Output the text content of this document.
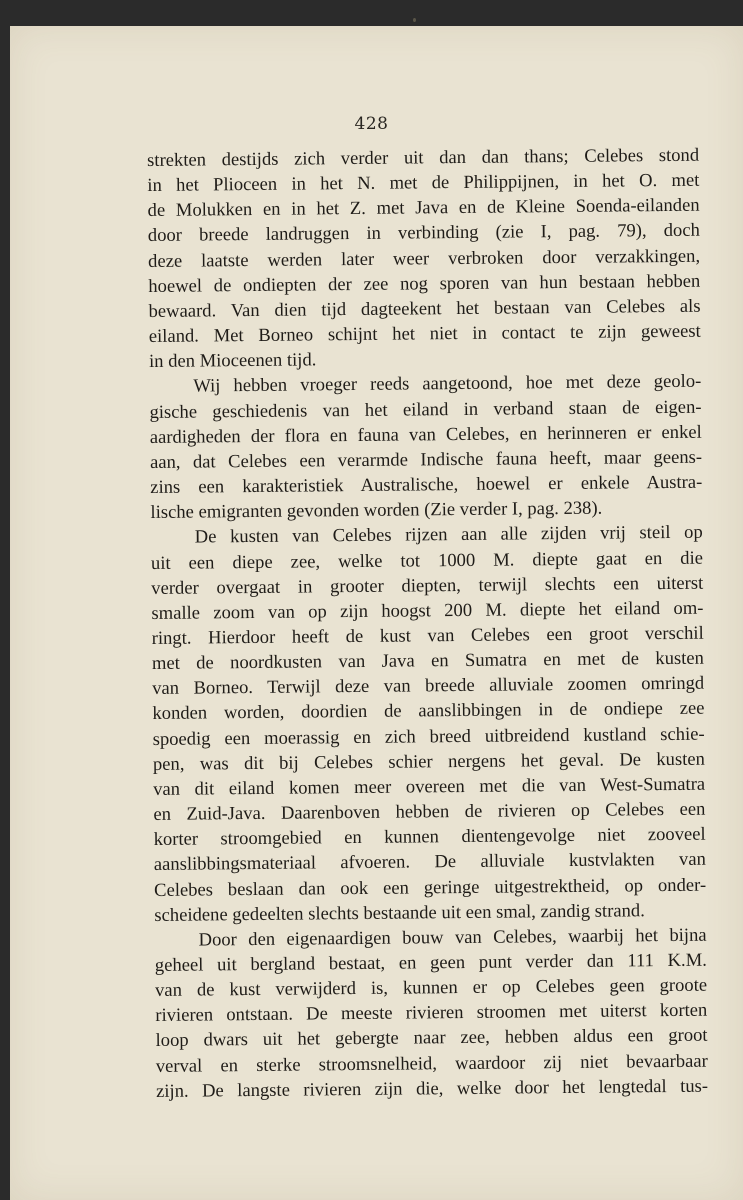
428

strekten destijds zich verder uit dan dan thans; Celebes stond

in het Plioceen in het N. met de Philippijnen, in het O. met

de Molukken en in het Z. met Java en de Kleine Soenda-eilanden

door breede landruggen in verbinding (zie I, pag. 79), doch

deze laatste werden later weer verbroken door verzakkingen,

hoewel de ondiepten der zee nog sporen van hun bestaan hebben

bewaard. Van dien tijd dagteekent het bestaan van Celebes als

eiland. Met Borneo schijnt het niet in contact te zijn geweest

in den Mioceenen tijd.

Wij hebben vroeger reeds aangetoond, hoe met deze geolo-

gische geschiedenis van het eiland in verband staan de eigen-

aardigheden der flora en fauna van Celebes, en herinneren er enkel

aan, dat Celebes een verarmde Indische fauna heeft, maar geens-

zins een karakteristiek Australische, hoewel er enkele Austra-

lische emigranten gevonden worden (Zie verder I, pag. 238).

De kusten van Celebes rijzen aan alle zijden vrij steil op

uit een diepe zee, welke tot 1000 M. diepte gaat en die

verder overgaat in grooter diepten, terwijl slechts een uiterst

smalle zoom van op zijn hoogst 200 M. diepte het eiland om-

ringt. Hierdoor heeft de kust van Celebes een groot verschil

met de noordkusten van Java en Sumatra en met de kusten

van Borneo. Terwijl deze van breede alluviale zoomen omringd

konden worden, doordien de aanslibbingen in de ondiepe zee

spoedig een moerassig en zich breed uitbreidend kustland schie-

pen, was dit bij Celebes schier nergens het geval. De kusten

van dit eiland komen meer overeen met die van West-Sumatra

en Zuid-Java. Daarenboven hebben de rivieren op Celebes een

korter stroomgebied en kunnen dientengevolge niet zooveel

aanslibbingsmateriaal afvoeren. De alluviale kustvlakten van

Celebes beslaan dan ook een geringe uitgestrektheid, op onder-

scheidene gedeelten slechts bestaande uit een smal, zandig strand.

Door den eigenaardigen bouw van Celebes, waarbij het bijna

geheel uit bergland bestaat, en geen punt verder dan 111 K.M.

van de kust verwijderd is, kunnen er op Celebes geen groote

rivieren ontstaan. De meeste rivieren stroomen met uiterst korten

loop dwars uit het gebergte naar zee, hebben aldus een groot

verval en sterke stroomsnelheid, waardoor zij niet bevaarbaar

zijn. De langste rivieren zijn die, welke door het lengtedal tus-
